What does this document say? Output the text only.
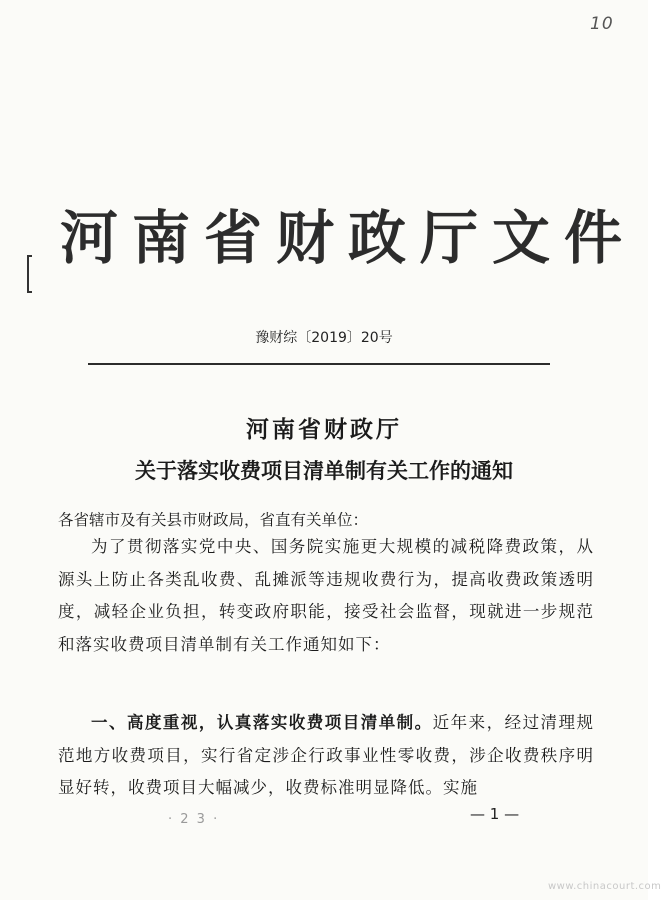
10
河南省财政厅文件
豫财综〔2019〕20号
河南省财政厅
关于落实收费项目清单制有关工作的通知
各省辖市及有关县市财政局，省直有关单位：
为了贯彻落实党中央、国务院实施更大规模的减税降费政策，从源头上防止各类乱收费、乱摊派等违规收费行为，提高收费政策透明度，减轻企业负担，转变政府职能，接受社会监督，现就进一步规范和落实收费项目清单制有关工作通知如下：
一、高度重视，认真落实收费项目清单制。近年来，经过清理规范地方收费项目，实行省定涉企行政事业性零收费，涉企收费秩序明显好转，收费项目大幅减少，收费标准明显降低。实施
· 2 3 ·	— 1 —
www.chinacourt.com
